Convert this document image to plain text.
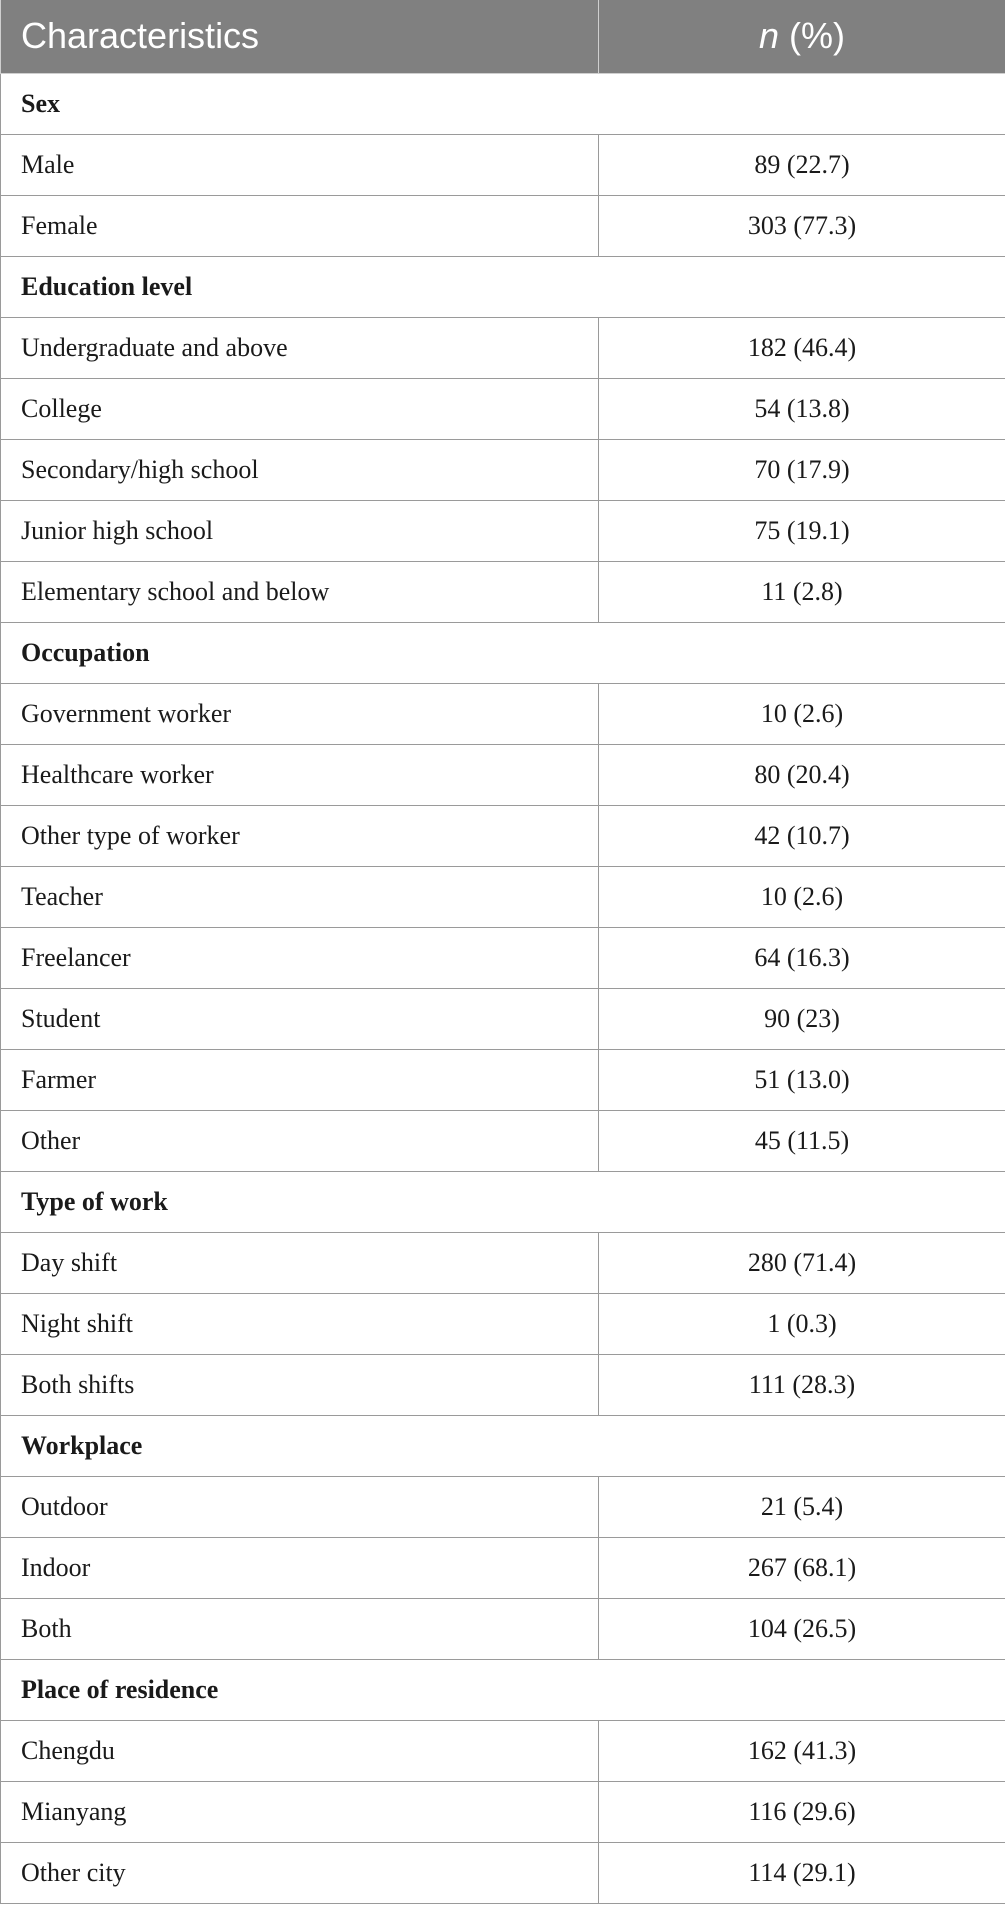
Characteristics	n (%)
Sex	
Male	89 (22.7)
Female	303 (77.3)
Education level	
Undergraduate and above	182 (46.4)
College	54 (13.8)
Secondary/high school	70 (17.9)
Junior high school	75 (19.1)
Elementary school and below	11 (2.8)
Occupation	
Government worker	10 (2.6)
Healthcare worker	80 (20.4)
Other type of worker	42 (10.7)
Teacher	10 (2.6)
Freelancer	64 (16.3)
Student	90 (23)
Farmer	51 (13.0)
Other	45 (11.5)
Type of work	
Day shift	280 (71.4)
Night shift	1 (0.3)
Both shifts	111 (28.3)
Workplace	
Outdoor	21 (5.4)
Indoor	267 (68.1)
Both	104 (26.5)
Place of residence	
Chengdu	162 (41.3)
Mianyang	116 (29.6)
Other city	114 (29.1)
